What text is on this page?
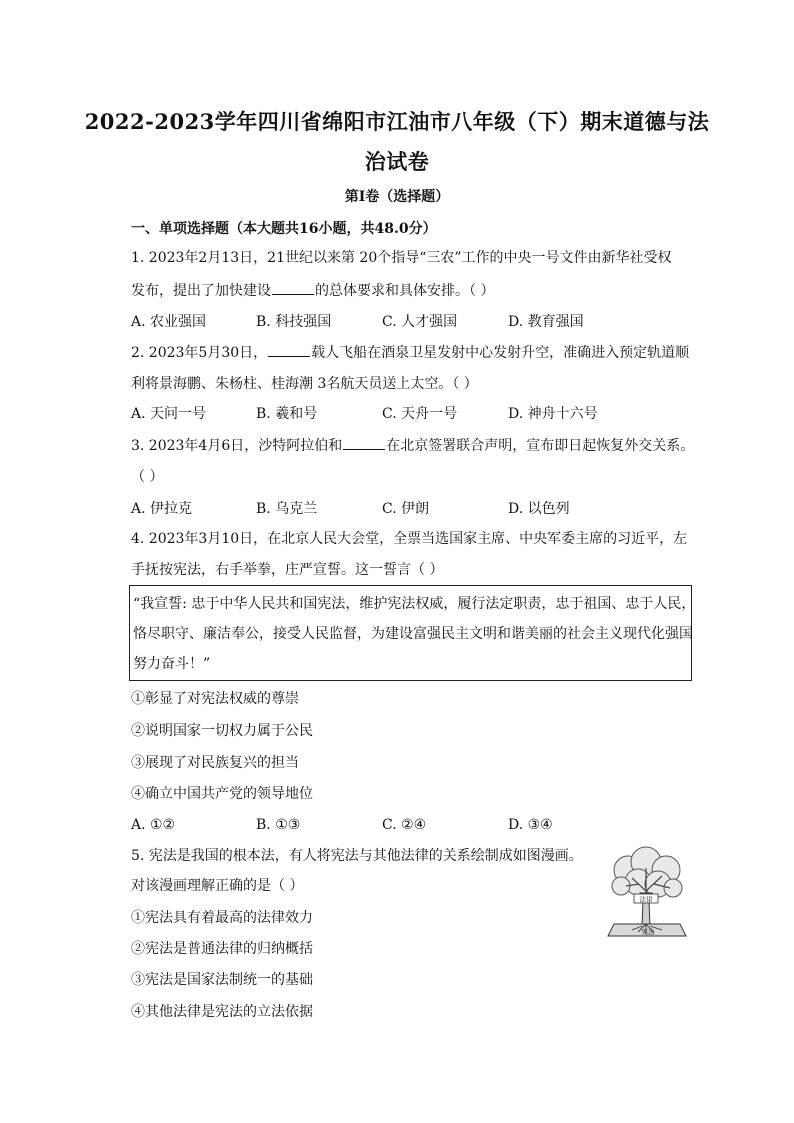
2022-2023学年四川省绵阳市江油市八年级（下）期末道德与法
治试卷
第Ⅰ卷（选择题）
一、单项选择题（本大题共16小题，共48.0分）
1. 2023年2月13日，21世纪以来第 20个指导“三农”工作的中央一号文件由新华社受权
发布，提出了加快建设	的总体要求和具体安排。（ ）
A. 农业强国	B. 科技强国	C. 人才强国	D. 教育强国
2. 2023年5月30日，	载人飞船在酒泉卫星发射中心发射升空，准确进入预定轨道顺
利将景海鹏、朱杨柱、桂海潮 3名航天员送上太空。（ ）
A. 天问一号	B. 羲和号	C. 天舟一号	D. 神舟十六号
3. 2023年4月6日，沙特阿拉伯和	在北京签署联合声明，宣布即日起恢复外交关系。
（ ）
A. 伊拉克	B. 乌克兰	C. 伊朗	D. 以色列
4. 2023年3月10日，在北京人民大会堂，全票当选国家主席、中央军委主席的习近平，左
手抚按宪法，右手举拳，庄严宣誓。这一誓言（ ）
“我宣誓: 忠于中华人民共和国宪法，维护宪法权威，履行法定职责，忠于祖国、忠于人民，
恪尽职守、廉洁奉公，接受人民监督，为建设富强民主文明和谐美丽的社会主义现代化强国
努力奋斗！”
①彰显了对宪法权威的尊崇
②说明国家一切权力属于公民
③展现了对民族复兴的担当
④确立中国共产党的领导地位
A. ①②	B. ①③	C. ②④	D. ③④
5. 宪法是我国的根本法，有人将宪法与其他法律的关系绘制成如图漫画。
对该漫画理解正确的是（ ）
①宪法具有着最高的法律效力
②宪法是普通法律的归纳概括
③宪法是国家法制统一的基础
④其他法律是宪法的立法依据
法律
宪法
